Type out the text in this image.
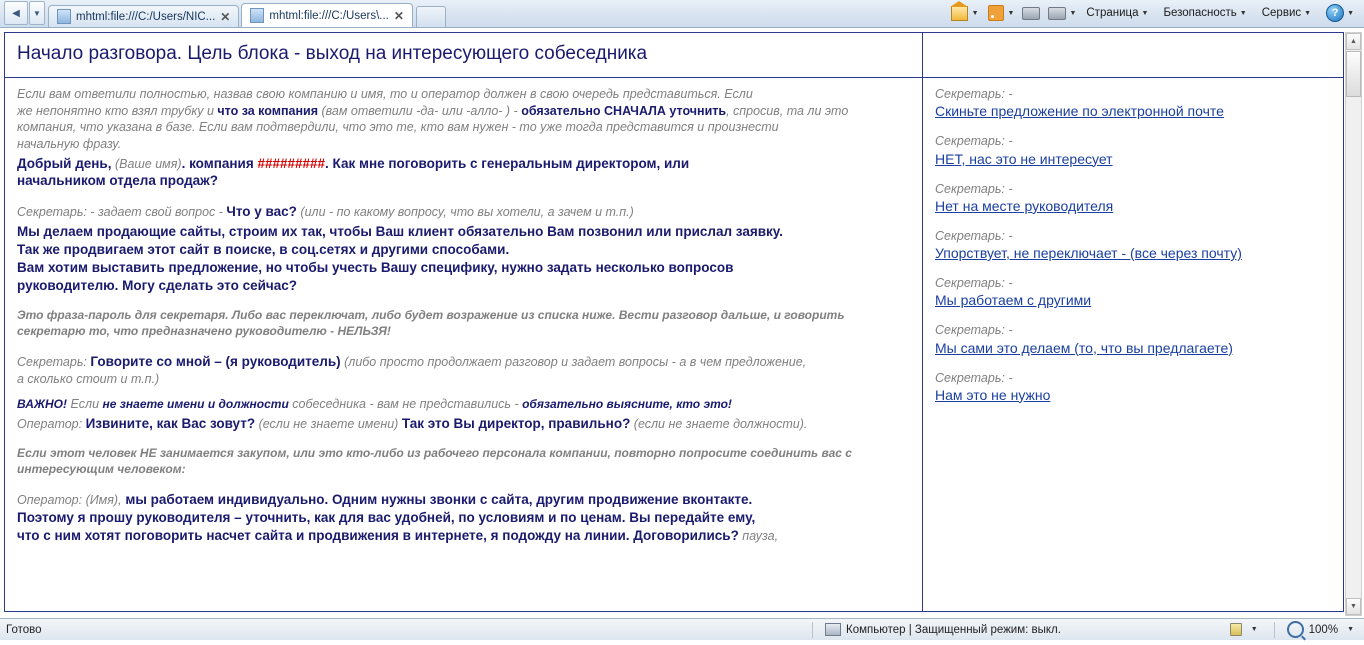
◀	▼	mhtml:file:///C:/Users/NIC... ✕	mhtml:file:///C:/Users\... ✕	▼	▼	▼ Страница ▼ Безопасность ▼ Сервис ▼	?	▼
Начало разговора. Цель блока - выход на интересующего собеседника
Если вам ответили полностью, назвав свою компанию и имя, то и оператор должен в свою очередь представиться. Если
же непонятно кто взял трубку и что за компания (вам ответили -да- или -алло- ) - обязательно СНАЧАЛА уточнить, спросив, та ли это
компания, что указана в базе. Если вам подтвердили, что это те, кто вам нужен - то уже тогда представится и произнести
начальную фразу.
Добрый день, (Ваше имя). компания #########. Как мне поговорить с генеральным директором, или
начальником отдела продаж?
Секретарь: - задает свой вопрос - Что у вас? (или - по какому вопросу, что вы хотели, а зачем и т.п.)
Мы делаем продающие сайты, строим их так, чтобы Ваш клиент обязательно Вам позвонил или прислал заявку.
Так же продвигаем этот сайт в поиске, в соц.сетях и другими способами.
Вам хотим выставить предложение, но чтобы учесть Вашу специфику, нужно задать несколько вопросов
руководителю. Могу сделать это сейчас?
Это фраза-пароль для секретаря. Либо вас переключат, либо будет возражение из списка ниже. Вести разговор дальше, и говорить
секретарю то, что предназначено руководителю - НЕЛЬЗЯ!
Секретарь: Говорите со мной – (я руководитель) (либо просто продолжает разговор и задает вопросы - а в чем предложение,
а сколько стоит и т.п.)
ВАЖНО! Если не знаете имени и должности собеседника - вам не представились - обязательно выясните, кто это!
Оператор: Извините, как Вас зовут? (если не знаете имени) Так это Вы директор, правильно? (если не знаете должности).
Если этот человек НЕ занимается закупом, или это кто-либо из рабочего персонала компании, повторно попросите соединить вас с
интересующим человеком:
Оператор: (Имя), мы работаем индивидуально. Одним нужны звонки с сайта, другим продвижение вконтакте.
Поэтому я прошу руководителя – уточнить, как для вас удобней, по условиям и по ценам. Вы передайте ему,
что с ним хотят поговорить насчет сайта и продвижения в интернете, я подожду на линии. Договорились? пауза,
Секретарь: -
Скиньте предложение по электронной почте
Секретарь: -
НЕТ, нас это не интересует
Секретарь: -
Нет на месте руководителя
Секретарь: -
Упорствует, не переключает - (все через почту)
Секретарь: -
Мы работаем с другими
Секретарь: -
Мы сами это делаем (то, что вы предлагаете)
Секретарь: -
Нам это не нужно
▲
▼
Готово	Компьютер | Защищенный режим: выкл.	▼	100%	▼
